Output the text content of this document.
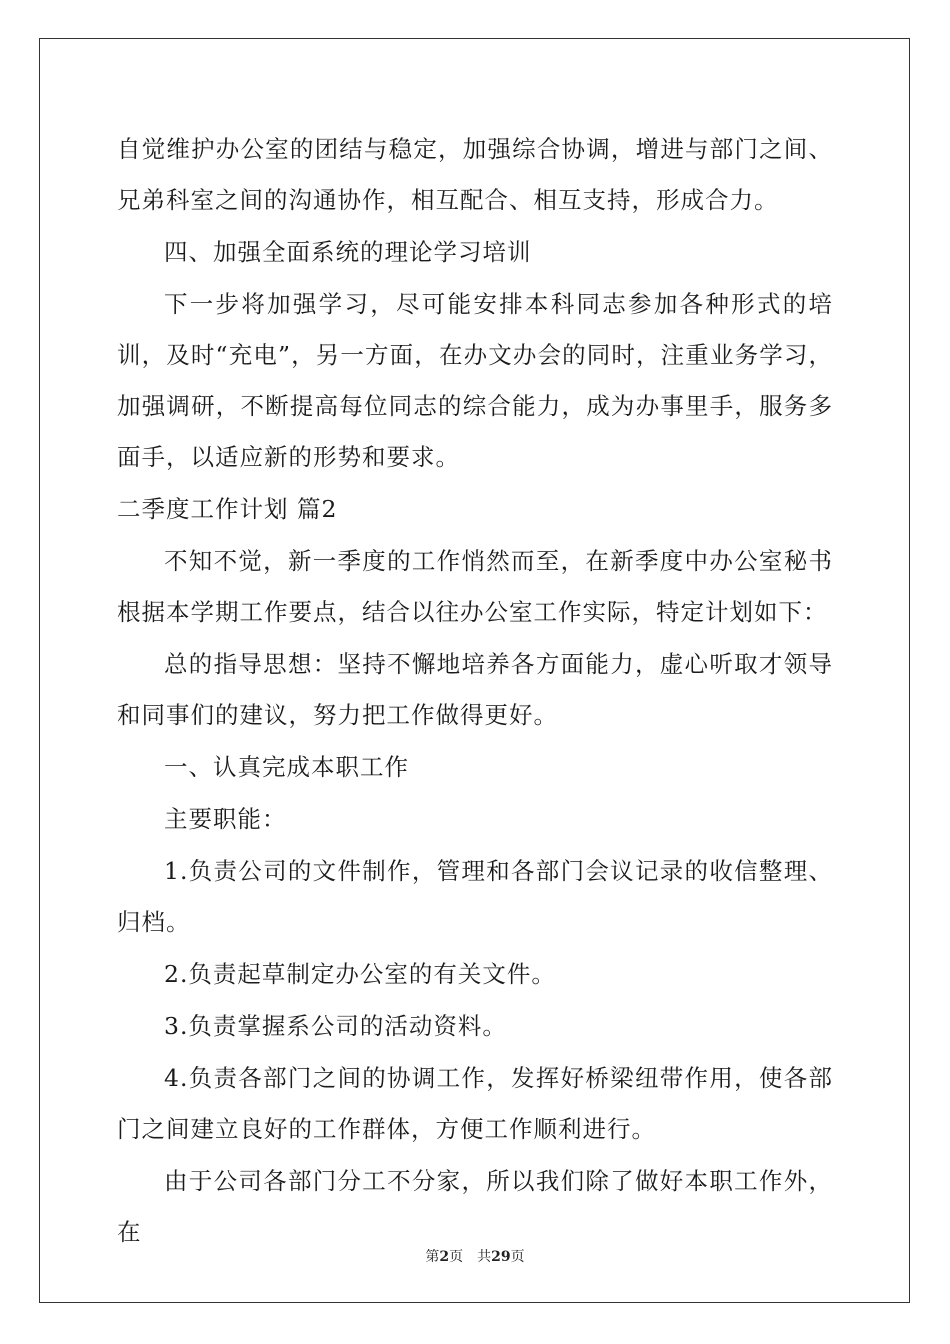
自觉维护办公室的团结与稳定，加强综合协调，增进与部门之间、兄弟科室之间的沟通协作，相互配合、相互支持，形成合力。

四、加强全面系统的理论学习培训

下一步将加强学习，尽可能安排本科同志参加各种形式的培训，及时“充电”，另一方面，在办文办会的同时，注重业务学习，加强调研，不断提高每位同志的综合能力，成为办事里手，服务多面手，以适应新的形势和要求。

二季度工作计划 篇2

不知不觉，新一季度的工作悄然而至，在新季度中办公室秘书根据本学期工作要点，结合以往办公室工作实际，特定计划如下：

总的指导思想：坚持不懈地培养各方面能力，虚心听取才领导和同事们的建议，努力把工作做得更好。

一、认真完成本职工作

主要职能：

1.负责公司的文件制作，管理和各部门会议记录的收信整理、归档。

2.负责起草制定办公室的有关文件。

3.负责掌握系公司的活动资料。

4.负责各部门之间的协调工作，发挥好桥梁纽带作用，使各部门之间建立良好的工作群体，方便工作顺利进行。

由于公司各部门分工不分家，所以我们除了做好本职工作外，在

第2页　共29页
